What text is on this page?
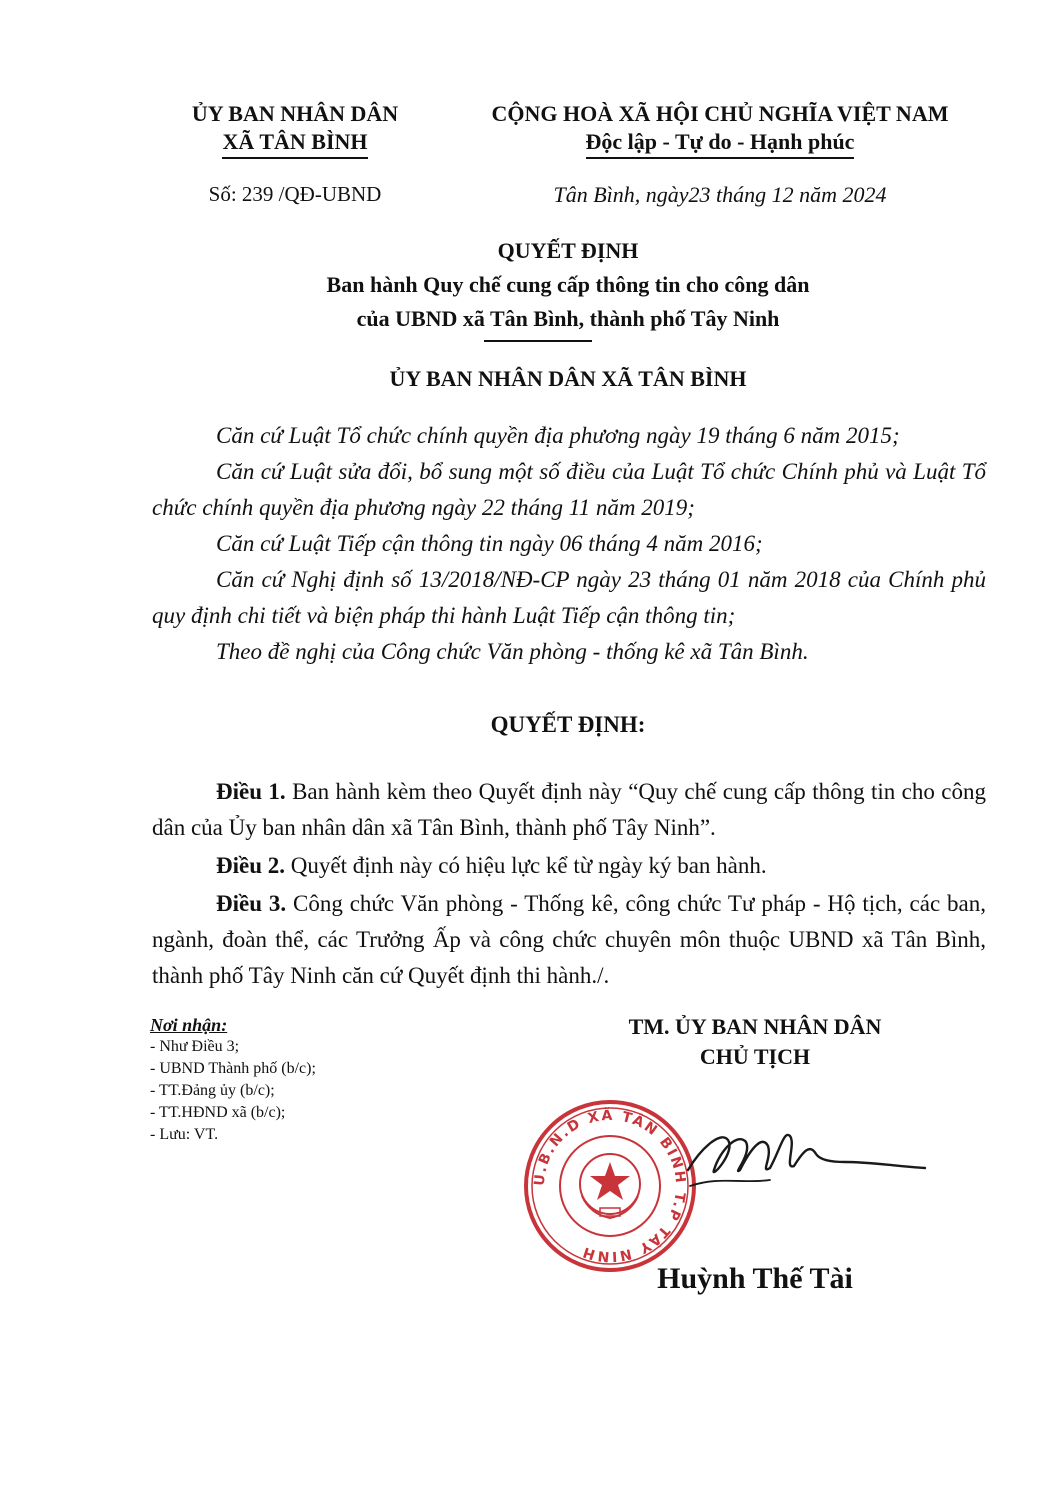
ỦY BAN NHÂN DÂN
XÃ TÂN BÌNH
CỘNG HOÀ XÃ HỘI CHỦ NGHĨA VIỆT NAM
Độc lập - Tự do - Hạnh phúc
Số: 239 /QĐ-UBND	Tân Bình, ngày23 tháng 12 năm 2024
QUYẾT ĐỊNH
Ban hành Quy chế cung cấp thông tin cho công dân
của UBND xã Tân Bình, thành phố Tây Ninh
ỦY BAN NHÂN DÂN XÃ TÂN BÌNH

Căn cứ Luật Tổ chức chính quyền địa phương ngày 19 tháng 6 năm 2015;

Căn cứ Luật sửa đổi, bổ sung một số điều của Luật Tổ chức Chính phủ và Luật Tổ chức chính quyền địa phương ngày 22 tháng 11 năm 2019;

Căn cứ Luật Tiếp cận thông tin ngày 06 tháng 4 năm 2016;

Căn cứ Nghị định số 13/2018/NĐ-CP ngày 23 tháng 01 năm 2018 của Chính phủ quy định chi tiết và biện pháp thi hành Luật Tiếp cận thông tin;

Theo đề nghị của Công chức Văn phòng - thống kê xã Tân Bình.

QUYẾT ĐỊNH:

Điều 1. Ban hành kèm theo Quyết định này “Quy chế cung cấp thông tin cho công dân của Ủy ban nhân dân xã Tân Bình, thành phố Tây Ninh”.

Điều 2. Quyết định này có hiệu lực kể từ ngày ký ban hành.

Điều 3. Công chức Văn phòng - Thống kê, công chức Tư pháp - Hộ tịch, các ban, ngành, đoàn thể, các Trưởng Ấp và công chức chuyên môn thuộc UBND xã Tân Bình, thành phố Tây Ninh căn cứ Quyết định thi hành./.

Nơi nhận:
- Như Điều 3;
- UBND Thành phố (b/c);
- TT.Đảng ủy (b/c);
- TT.HĐND xã (b/c);
- Lưu: VT.
TM. ỦY BAN NHÂN DÂN
CHỦ TỊCH
U.B.N.D XÃ TÂN BÌNH T.P TÂY NINH
Huỳnh Thế Tài
